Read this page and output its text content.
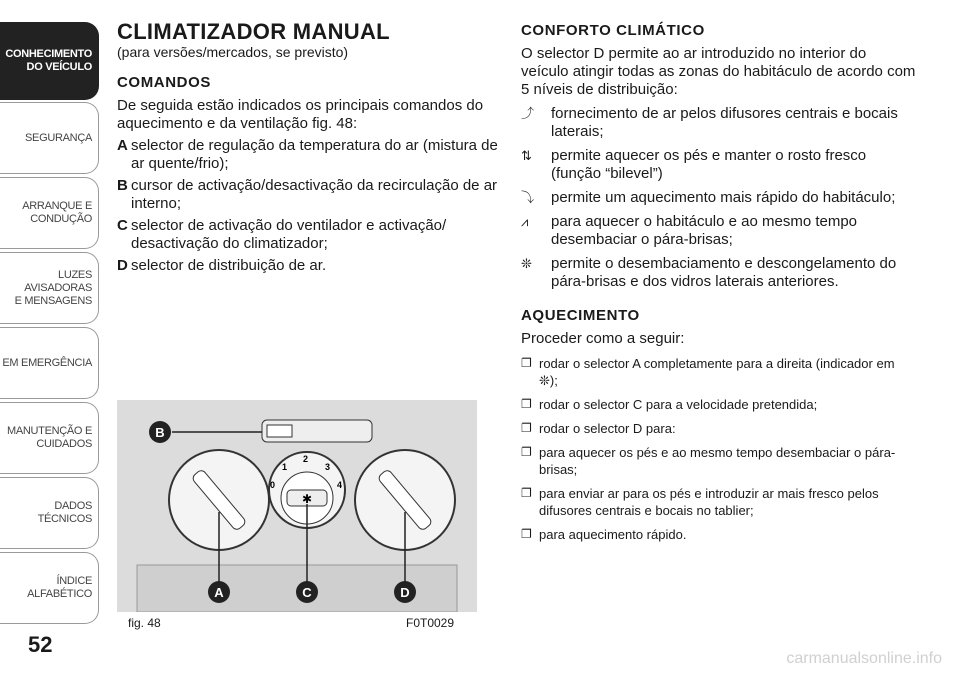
CONHECIMENTO
DO VEÍCULO
SEGURANÇA
ARRANQUE E
CONDUÇÃO
LUZES AVISADORAS
E MENSAGENS
EM EMERGÊNCIA
MANUTENÇÃO E
CUIDADOS
DADOS TÉCNICOS
ÍNDICE ALFABÉTICO
52
CLIMATIZADOR MANUAL
(para versões/mercados, se previsto)
COMANDOS

De seguida estão indicados os principais comandos do aquecimento e da ventilação fig. 48:

A selector de regulação da temperatura do ar (mistura de ar quente/frio);
B cursor de activação/desactivação da recirculação de ar interno;
C selector de activação do ventilador e activação/ desactivação do climatizador;
D selector de distribuição de ar.
✱
0
1
2
3
4
B
A	C	D
fig. 48	F0T0029
CONFORTO CLIMÁTICO

O selector D permite ao ar introduzido no interior do veículo atingir todas as zonas do habitáculo de acordo com 5 níveis de distribuição:

⤴	fornecimento de ar pelos difusores centrais e bocais laterais;
⇅	permite aquecer os pés e manter o rosto fresco (função “bilevel”)
⤵	permite um aquecimento mais rápido do habitáculo;
⩘	para aquecer o habitáculo e ao mesmo tempo desembaciar o pára-brisas;
❊	permite o desembaciamento e descongelamento do pára-brisas e dos vidros laterais anteriores.
AQUECIMENTO

Proceder como a seguir:

❐ rodar o selector A completamente para a direita (indicador em ❊);
❐ rodar o selector C para a velocidade pretendida;
❐ rodar o selector D para:
❐ para aquecer os pés e ao mesmo tempo desembaciar o pára-brisas;
❐ para enviar ar para os pés e introduzir ar mais fresco pelos difusores centrais e bocais no tablier;
❐ para aquecimento rápido.
carmanualsonline.info
